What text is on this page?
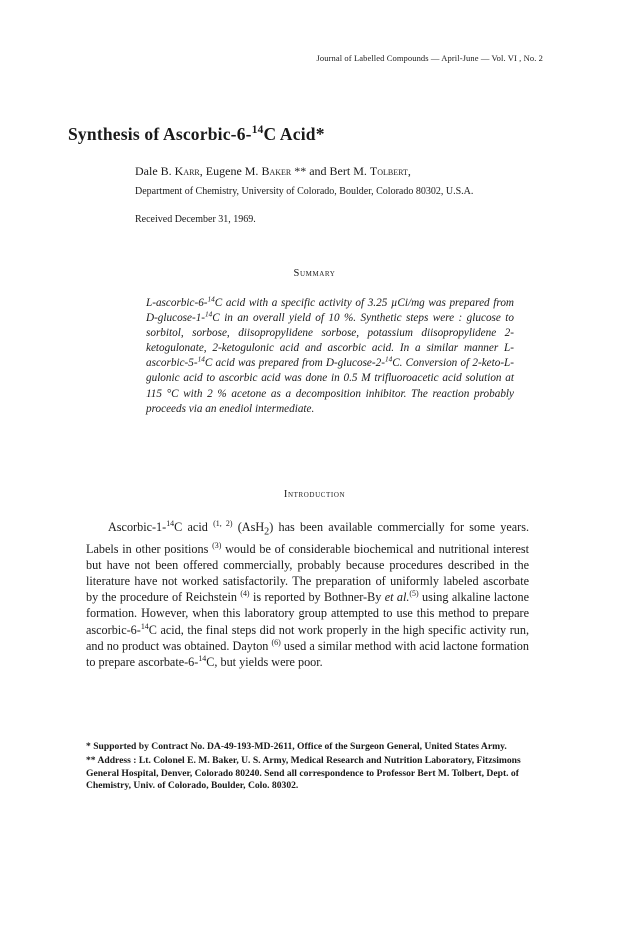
Journal of Labelled Compounds — April-June — Vol. VI , No. 2
Synthesis of Ascorbic-6-$^{14}$C Acid*
Dale B. Karr, Eugene M. Baker ** and Bert M. Tolbert,
Department of Chemistry, University of Colorado, Boulder, Colorado 80302, U.S.A.
Received December 31, 1969.
Summary

L-ascorbic-6-$^{14}$C acid with a specific activity of 3.25 µCi/mg was prepared from D-glucose-1-$^{14}$C in an overall yield of 10 %. Synthetic steps were : glucose to sorbitol, sorbose, diisopropylidene sorbose, potassium diisopropylidene 2-ketogulonate, 2-ketogulonic acid and ascorbic acid. In a similar manner L-ascorbic-5-$^{14}$C acid was prepared from D-glucose-2-$^{14}$C. Conversion of 2-keto-L-gulonic acid to ascorbic acid was done in 0.5 M trifluoroacetic acid solution at 115 °C with 2 % acetone as a decomposition inhibitor. The reaction probably proceeds via an enediol intermediate.

Introduction

Ascorbic-1-$^{14}$C acid $^{(1, 2)}$ (AsH$_2$) has been available commercially for some years. Labels in other positions $^{(3)}$ would be of considerable biochemical and nutritional interest but have not been offered commercially, probably because procedures described in the literature have not worked satisfactorily. The preparation of uniformly labeled ascorbate by the procedure of Reichstein $^{(4)}$ is reported by Bothner-By et al.$^{(5)}$ using alkaline lactone formation. However, when this laboratory group attempted to use this method to prepare ascorbic-6-$^{14}$C acid, the final steps did not work properly in the high specific activity run, and no product was obtained. Dayton $^{(6)}$ used a similar method with acid lactone formation to prepare ascorbate-6-$^{14}$C, but yields were poor.

* Supported by Contract No. DA-49-193-MD-2611, Office of the Surgeon General, United States Army.

** Address : Lt. Colonel E. M. Baker, U. S. Army, Medical Research and Nutrition Laboratory, Fitzsimons General Hospital, Denver, Colorado 80240. Send all correspondence to Professor Bert M. Tolbert, Dept. of Chemistry, Univ. of Colorado, Boulder, Colo. 80302.
